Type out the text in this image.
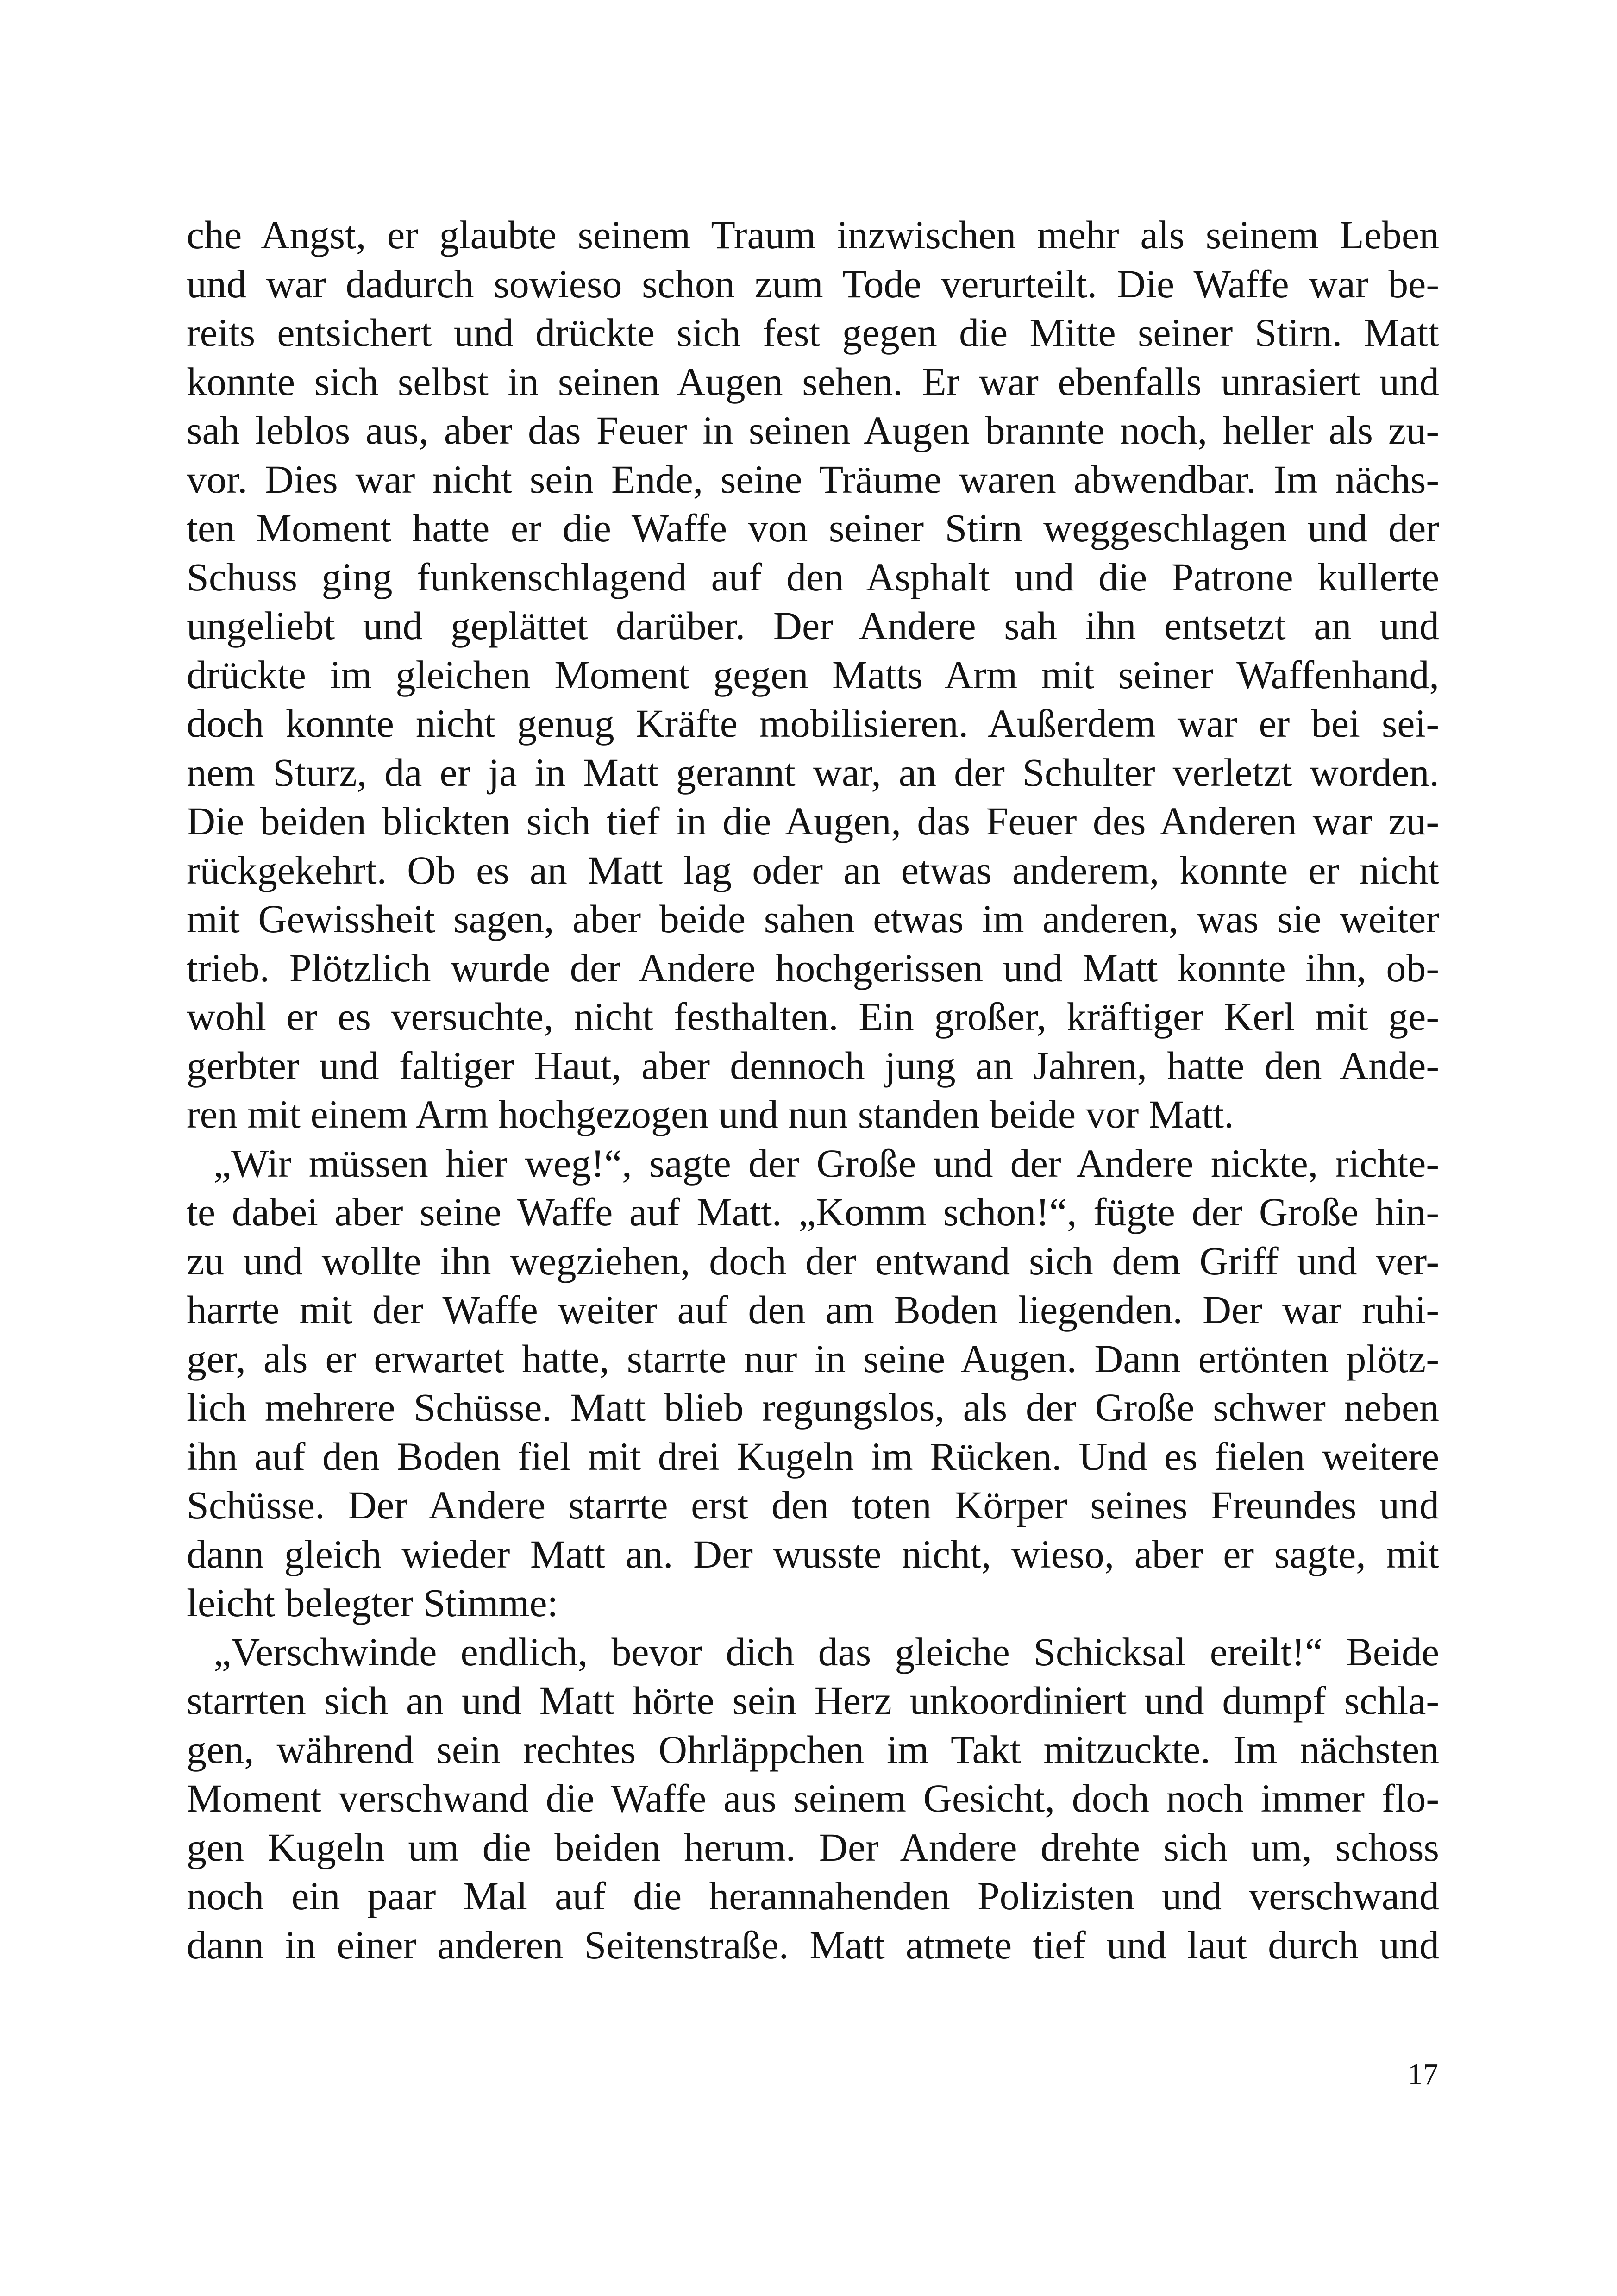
che Angst, er glaubte seinem Traum inzwischen mehr als seinem Leben
und war dadurch sowieso schon zum Tode verurteilt. Die Waffe war be-
reits entsichert und drückte sich fest gegen die Mitte seiner Stirn. Matt
konnte sich selbst in seinen Augen sehen. Er war ebenfalls unrasiert und
sah leblos aus, aber das Feuer in seinen Augen brannte noch, heller als zu-
vor. Dies war nicht sein Ende, seine Träume waren abwendbar. Im nächs-
ten Moment hatte er die Waffe von seiner Stirn weggeschlagen und der
Schuss ging funkenschlagend auf den Asphalt und die Patrone kullerte
ungeliebt und geplättet darüber. Der Andere sah ihn entsetzt an und
drückte im gleichen Moment gegen Matts Arm mit seiner Waffenhand,
doch konnte nicht genug Kräfte mobilisieren. Außerdem war er bei sei-
nem Sturz, da er ja in Matt gerannt war, an der Schulter verletzt worden.
Die beiden blickten sich tief in die Augen, das Feuer des Anderen war zu-
rückgekehrt. Ob es an Matt lag oder an etwas anderem, konnte er nicht
mit Gewissheit sagen, aber beide sahen etwas im anderen, was sie weiter
trieb. Plötzlich wurde der Andere hochgerissen und Matt konnte ihn, ob-
wohl er es versuchte, nicht festhalten. Ein großer, kräftiger Kerl mit ge-
gerbter und faltiger Haut, aber dennoch jung an Jahren, hatte den Ande-
ren mit einem Arm hochgezogen und nun standen beide vor Matt.
„Wir müssen hier weg!“, sagte der Große und der Andere nickte, richte-
te dabei aber seine Waffe auf Matt. „Komm schon!“, fügte der Große hin-
zu und wollte ihn wegziehen, doch der entwand sich dem Griff und ver-
harrte mit der Waffe weiter auf den am Boden liegenden. Der war ruhi-
ger, als er erwartet hatte, starrte nur in seine Augen. Dann ertönten plötz-
lich mehrere Schüsse. Matt blieb regungslos, als der Große schwer neben
ihn auf den Boden fiel mit drei Kugeln im Rücken. Und es fielen weitere
Schüsse. Der Andere starrte erst den toten Körper seines Freundes und
dann gleich wieder Matt an. Der wusste nicht, wieso, aber er sagte, mit
leicht belegter Stimme:
„Verschwinde endlich, bevor dich das gleiche Schicksal ereilt!“ Beide
starrten sich an und Matt hörte sein Herz unkoordiniert und dumpf schla-
gen, während sein rechtes Ohrläppchen im Takt mitzuckte. Im nächsten
Moment verschwand die Waffe aus seinem Gesicht, doch noch immer flo-
gen Kugeln um die beiden herum. Der Andere drehte sich um, schoss
noch ein paar Mal auf die herannahenden Polizisten und verschwand
dann in einer anderen Seitenstraße. Matt atmete tief und laut durch und
17
